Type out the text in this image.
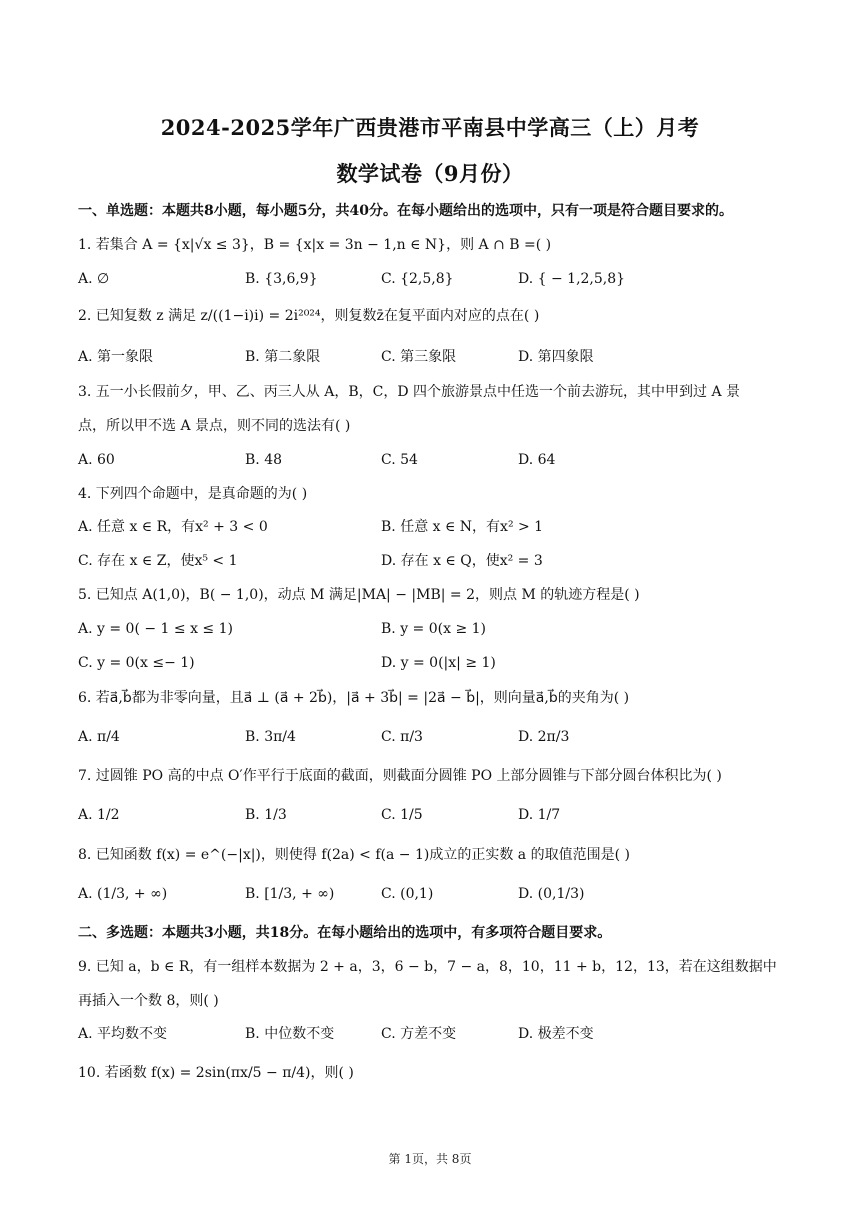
2024-2025学年广西贵港市平南县中学高三（上）月考
数学试卷（9月份）
一、单选题：本题共8小题，每小题5分，共40分。在每小题给出的选项中，只有一项是符合题目要求的。
1. 若集合 A = {x|√x ≤ 3}，B = {x|x = 3n − 1,n ∈ N}，则 A ∩ B =( )
A. ∅	B. {3,6,9}	C. {2,5,8}	D. { − 1,2,5,8}
2. 已知复数 z 满足 z/((1−i)i) = 2i²⁰²⁴，则复数z̄在复平面内对应的点在( )
A. 第一象限	B. 第二象限	C. 第三象限	D. 第四象限
3. 五一小长假前夕，甲、乙、丙三人从 A，B，C，D 四个旅游景点中任选一个前去游玩，其中甲到过 A 景
点，所以甲不选 A 景点，则不同的选法有( )
A. 60	B. 48	C. 54	D. 64
4. 下列四个命题中，是真命题的为( )
A. 任意 x ∈ R，有x² + 3 < 0	B. 任意 x ∈ N，有x² > 1
C. 存在 x ∈ Z，使x⁵ < 1	D. 存在 x ∈ Q，使x² = 3
5. 已知点 A(1,0)，B( − 1,0)，动点 M 满足|MA| − |MB| = 2，则点 M 的轨迹方程是( )
A. y = 0( − 1 ≤ x ≤ 1)	B. y = 0(x ≥ 1)
C. y = 0(x ≤− 1)	D. y = 0(|x| ≥ 1)
6. 若a⃗,b⃗都为非零向量，且a⃗ ⊥ (a⃗ + 2b⃗)，|a⃗ + 3b⃗| = |2a⃗ − b⃗|，则向量a⃗,b⃗的夹角为( )
A. π/4	B. 3π/4	C. π/3	D. 2π/3
7. 过圆锥 PO 高的中点 O′作平行于底面的截面，则截面分圆锥 PO 上部分圆锥与下部分圆台体积比为( )
A. 1/2	B. 1/3	C. 1/5	D. 1/7
8. 已知函数 f(x) = e^(−|x|)，则使得 f(2a) < f(a − 1)成立的正实数 a 的取值范围是( )
A. (1/3, + ∞)	B. [1/3, + ∞)	C. (0,1)	D. (0,1/3)
二、多选题：本题共3小题，共18分。在每小题给出的选项中，有多项符合题目要求。
9. 已知 a，b ∈ R，有一组样本数据为 2 + a，3，6 − b，7 − a，8，10，11 + b，12，13，若在这组数据中
再插入一个数 8，则( )
A. 平均数不变	B. 中位数不变	C. 方差不变	D. 极差不变
10. 若函数 f(x) = 2sin(πx/5 − π/4)，则( )
第 1页，共 8页
